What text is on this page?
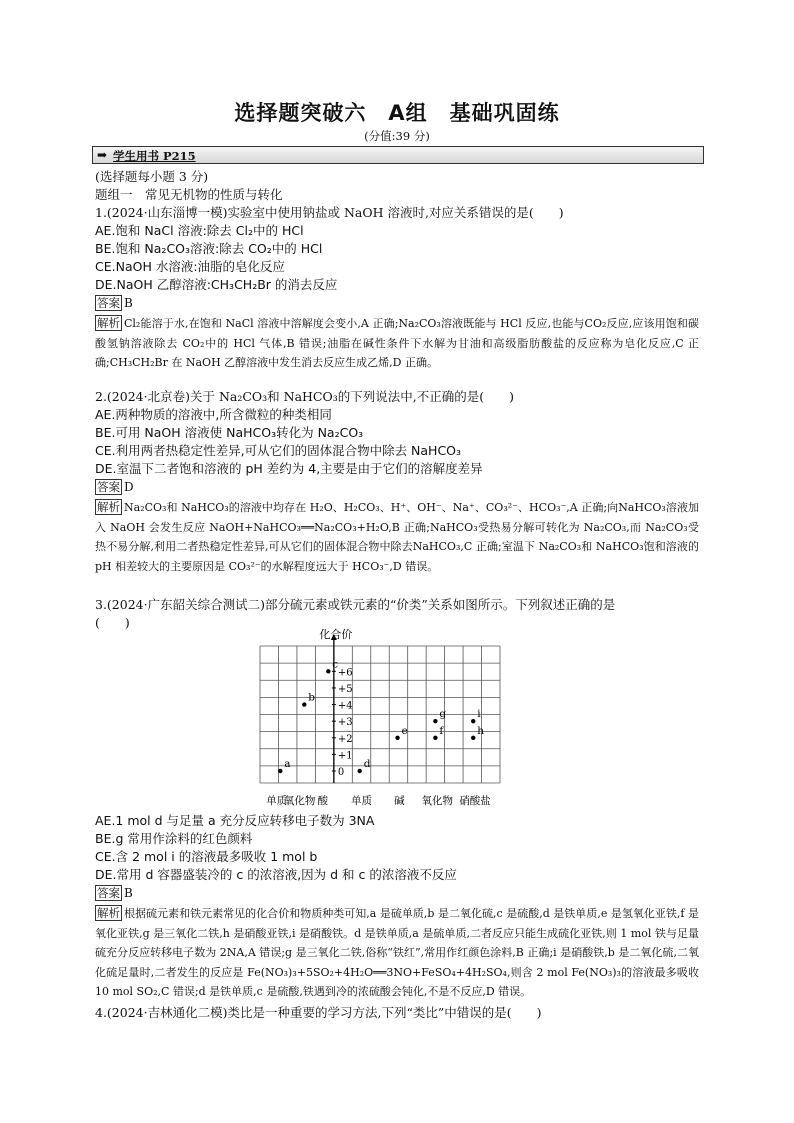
选择题突破六　A组　基础巩固练
(分值:39 分)
➡ 学生用书 P215
(选择题每小题 3 分)
题组一　常见无机物的性质与转化
1.(2024·山东淄博一模)实验室中使用钠盐或 NaOH 溶液时,对应关系错误的是(　　)
AE.饱和 NaCl 溶液:除去 Cl₂中的 HCl
BE.饱和 Na₂CO₃溶液:除去 CO₂中的 HCl
CE.NaOH 水溶液:油脂的皂化反应
DE.NaOH 乙醇溶液:CH₃CH₂Br 的消去反应
答案 B
解析 Cl₂能溶于水,在饱和 NaCl 溶液中溶解度会变小,A 正确;Na₂CO₃溶液既能与 HCl 反应,也能与CO₂反应,应该用饱和碳酸氢钠溶液除去 CO₂中的 HCl 气体,B 错误;油脂在碱性条件下水解为甘油和高级脂肪酸盐的反应称为皂化反应,C 正确;CH₃CH₂Br 在 NaOH 乙醇溶液中发生消去反应生成乙烯,D 正确。
2.(2024·北京卷)关于 Na₂CO₃和 NaHCO₃的下列说法中,不正确的是(　　)
AE.两种物质的溶液中,所含微粒的种类相同
BE.可用 NaOH 溶液使 NaHCO₃转化为 Na₂CO₃
CE.利用两者热稳定性差异,可从它们的固体混合物中除去 NaHCO₃
DE.室温下二者饱和溶液的 pH 差约为 4,主要是由于它们的溶解度差异
答案 D
解析 Na₂CO₃和 NaHCO₃的溶液中均存在 H₂O、H₂CO₃、H⁺、OH⁻、Na⁺、CO₃²⁻、HCO₃⁻,A 正确;向NaHCO₃溶液加入 NaOH 会发生反应 NaOH+NaHCO₃══Na₂CO₃+H₂O,B 正确;NaHCO₃受热易分解可转化为 Na₂CO₃,而 Na₂CO₃受热不易分解,利用二者热稳定性差异,可从它们的固体混合物中除去NaHCO₃,C 正确;室温下 Na₂CO₃和 NaHCO₃饱和溶液的 pH 相差较大的主要原因是 CO₃²⁻的水解程度远大于 HCO₃⁻,D 错误。
3.(2024·广东韶关综合测试二)部分硫元素或铁元素的“价类”关系如图所示。下列叙述正确的是
(　　)
化合价
0
+1
+2
+3
+4
+5
+6
单质
氧化物 酸 单质 碱 氧化物 硝酸盐
a
b
c
d
e	f
g
h
i
AE.1 mol d 与足量 a 充分反应转移电子数为 3NA
BE.g 常用作涂料的红色颜料
CE.含 2 mol i 的溶液最多吸收 1 mol b
DE.常用 d 容器盛装冷的 c 的浓溶液,因为 d 和 c 的浓溶液不反应
答案 B
解析 根据硫元素和铁元素常见的化合价和物质种类可知,a 是硫单质,b 是二氧化硫,c 是硫酸,d 是铁单质,e 是氢氧化亚铁,f 是氧化亚铁,g 是三氧化二铁,h 是硝酸亚铁,i 是硝酸铁。d 是铁单质,a 是硫单质,二者反应只能生成硫化亚铁,则 1 mol 铁与足量硫充分反应转移电子数为 2NA,A 错误;g 是三氧化二铁,俗称“铁红”,常用作红颜色涂料,B 正确;i 是硝酸铁,b 是二氧化硫,二氧化硫足量时,二者发生的反应是 Fe(NO₃)₃+5SO₂+4H₂O══3NO+FeSO₄+4H₂SO₄,则含 2 mol Fe(NO₃)₃的溶液最多吸收 10 mol SO₂,C 错误;d 是铁单质,c 是硫酸,铁遇到冷的浓硫酸会钝化,不是不反应,D 错误。
4.(2024·吉林通化二模)类比是一种重要的学习方法,下列“类比”中错误的是(　　)
